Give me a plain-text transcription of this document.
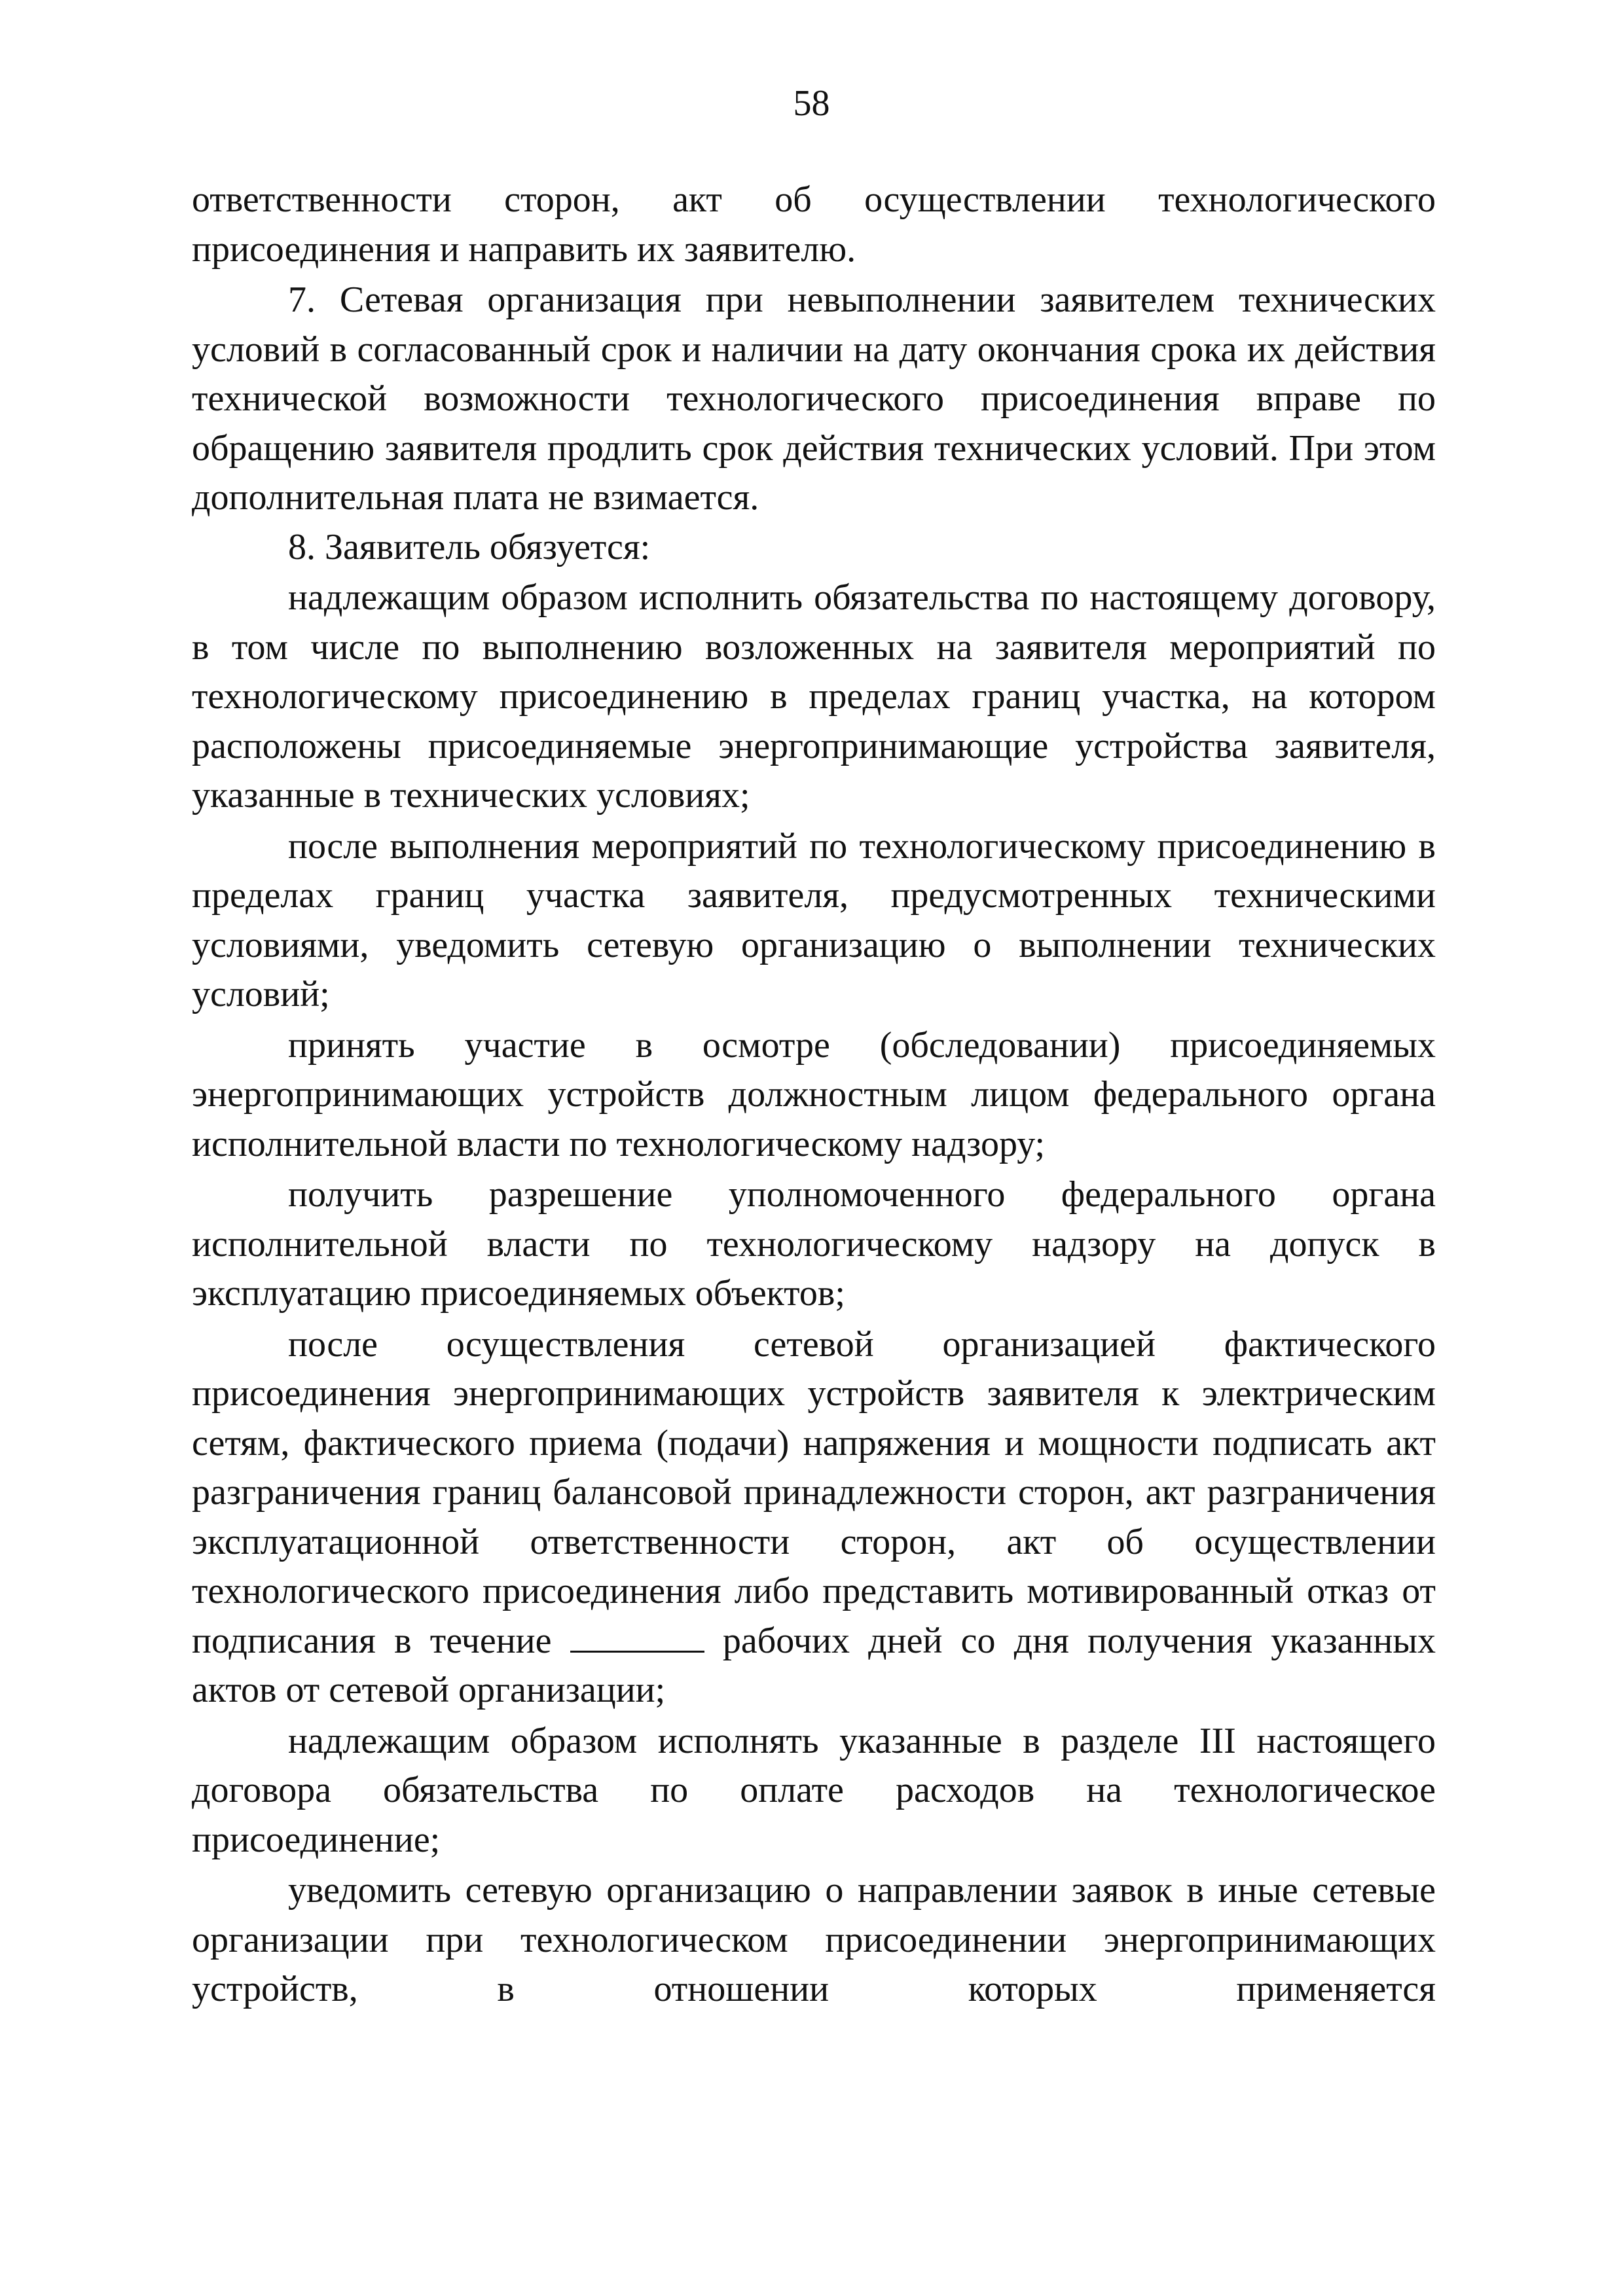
58

ответственности сторон, акт об осуществлении технологического присоединения и направить их заявителю.

7. Сетевая организация при невыполнении заявителем технических условий в согласованный срок и наличии на дату окончания срока их действия технической возможности технологического присоединения вправе по обращению заявителя продлить срок действия технических условий. При этом дополнительная плата не взимается.

8. Заявитель обязуется:

надлежащим образом исполнить обязательства по настоящему договору, в том числе по выполнению возложенных на заявителя мероприятий по технологическому присоединению в пределах границ участка, на котором расположены присоединяемые энергопринимающие устройства заявителя, указанные в технических условиях;

после выполнения мероприятий по технологическому присоединению в пределах границ участка заявителя, предусмотренных техническими условиями, уведомить сетевую организацию о выполнении технических условий;

принять участие в осмотре (обследовании) присоединяемых энергопринимающих устройств должностным лицом федерального органа исполнительной власти по технологическому надзору;

получить разрешение уполномоченного федерального органа исполнительной власти по технологическому надзору на допуск в эксплуатацию присоединяемых объектов;

после осуществления сетевой организацией фактического присоединения энергопринимающих устройств заявителя к электрическим сетям, фактического приема (подачи) напряжения и мощности подписать акт разграничения границ балансовой принадлежности сторон, акт разграничения эксплуатационной ответственности сторон, акт об осуществлении технологического присоединения либо представить мотивированный отказ от подписания в течение	рабочих дней со дня получения указанных актов от сетевой организации;

надлежащим образом исполнять указанные в разделе III настоящего договора обязательства по оплате расходов на технологическое присоединение;

уведомить сетевую организацию о направлении заявок в иные сетевые организации при технологическом присоединении энергопринимающих устройств, в отношении которых применяется
